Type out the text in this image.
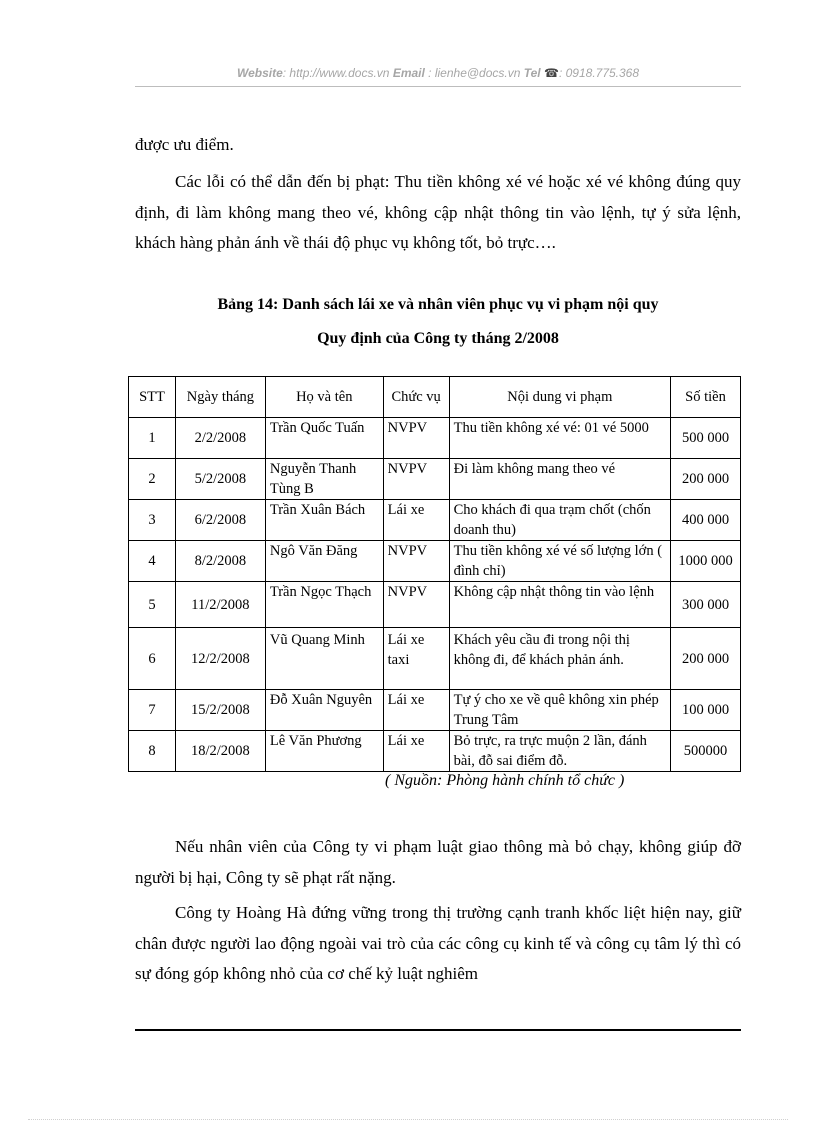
Website: http://www.docs.vn Email : lienhe@docs.vn Tel ☎: 0918.775.368

được ưu điểm.

Các lỗi có thể dẫn đến bị phạt: Thu tiền không xé vé hoặc xé vé không đúng quy định, đi làm không mang theo vé, không cập nhật thông tin vào lệnh, tự ý sửa lệnh, khách hàng phản ánh về thái độ phục vụ không tốt, bỏ trực….

Bảng 14: Danh sách lái xe và nhân viên phục vụ vi phạm nội quy

Quy định của Công ty tháng 2/2008

STT	Ngày tháng	Họ và tên	Chức vụ	Nội dung vi phạm	Số tiền
1	2/2/2008	Trần Quốc Tuấn	NVPV	Thu tiền không xé vé: 01 vé 5000	500 000
2	5/2/2008	Nguyễn Thanh Tùng B	NVPV	Đi làm không mang theo vé	200 000
3	6/2/2008	Trần Xuân Bách	Lái xe	Cho khách đi qua trạm chốt (chốn doanh thu)	400 000
4	8/2/2008	Ngô Văn Đăng	NVPV	Thu tiền không xé vé số lượng lớn ( đình chỉ)	1000 000
5	11/2/2008	Trần Ngọc Thạch	NVPV	Không cập nhật thông tin vào lệnh	300 000
6	12/2/2008	Vũ Quang Minh	Lái xe taxi	Khách yêu cầu đi trong nội thị không đi, để khách phản ánh.	200 000
7	15/2/2008	Đỗ Xuân Nguyên	Lái xe	Tự ý cho xe về quê không xin phép Trung Tâm	100 000
8	18/2/2008	Lê Văn Phương	Lái xe	Bỏ trực, ra trực muộn 2 lần, đánh bài, đỗ sai điểm đỗ.	500000

( Nguồn: Phòng hành chính tổ chức )

Nếu nhân viên của Công ty vi phạm luật giao thông mà bỏ chạy, không giúp đỡ người bị hại, Công ty sẽ phạt rất nặng.

Công ty Hoàng Hà đứng vững trong thị trường cạnh tranh khốc liệt hiện nay, giữ chân được người lao động ngoài vai trò của các công cụ kinh tế và công cụ tâm lý thì có sự đóng góp không nhỏ của cơ chế kỷ luật nghiêm
